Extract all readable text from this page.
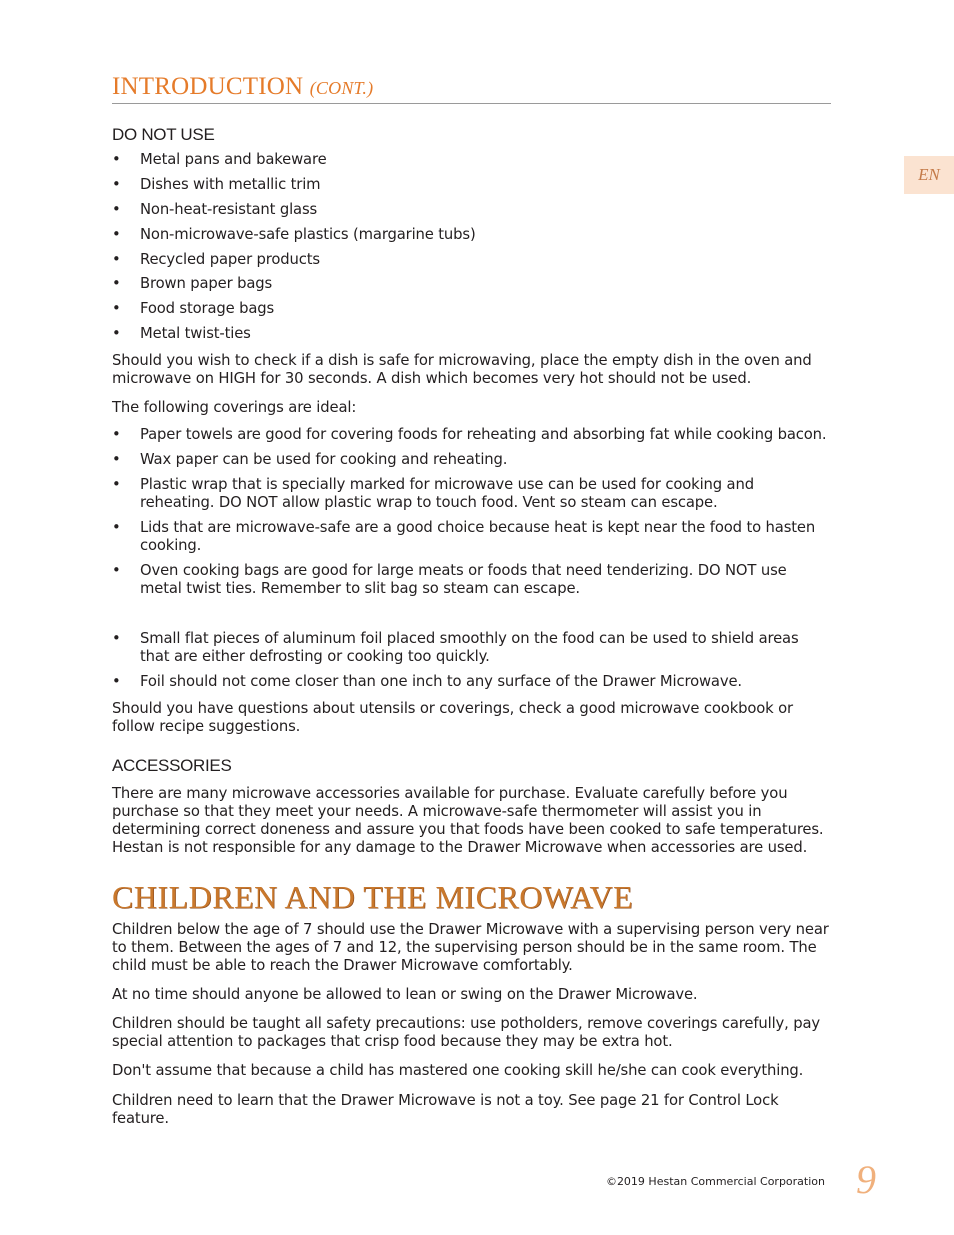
EN
INTRODUCTION (CONT.)
DO NOT USE
• Metal pans and bakeware
• Dishes with metallic trim
• Non-heat-resistant glass
• Non-microwave-safe plastics (margarine tubs)
• Recycled paper products
• Brown paper bags
• Food storage bags
• Metal twist-ties

Should you wish to check if a dish is safe for microwaving, place the empty dish in the oven and microwave on HIGH for 30 seconds. A dish which becomes very hot should not be used.

The following coverings are ideal:

• Paper towels are good for covering foods for reheating and absorbing fat while cooking bacon.
• Wax paper can be used for cooking and reheating.
• Plastic wrap that is specially marked for microwave use can be used for cooking and reheating. DO NOT allow plastic wrap to touch food. Vent so steam can escape.
• Lids that are microwave-safe are a good choice because heat is kept near the food to hasten cooking.
• Oven cooking bags are good for large meats or foods that need tenderizing. DO NOT use metal twist ties. Remember to slit bag so steam can escape.
• Small flat pieces of aluminum foil placed smoothly on the food can be used to shield areas that are either defrosting or cooking too quickly.
• Foil should not come closer than one inch to any surface of the Drawer Microwave.

Should you have questions about utensils or coverings, check a good microwave cookbook or follow recipe suggestions.

ACCESSORIES

There are many microwave accessories available for purchase. Evaluate carefully before you purchase so that they meet your needs. A microwave-safe thermometer will assist you in determining correct doneness and assure you that foods have been cooked to safe temperatures. Hestan is not responsible for any damage to the Drawer Microwave when accessories are used.

CHILDREN AND THE MICROWAVE

Children below the age of 7 should use the Drawer Microwave with a supervising person very near to them. Between the ages of 7 and 12, the supervising person should be in the same room. The child must be able to reach the Drawer Microwave comfortably.

At no time should anyone be allowed to lean or swing on the Drawer Microwave.

Children should be taught all safety precautions: use potholders, remove coverings carefully, pay special attention to packages that crisp food because they may be extra hot.

Don't assume that because a child has mastered one cooking skill he/she can cook everything.

Children need to learn that the Drawer Microwave is not a toy. See page 21 for Control Lock feature.

©2019 Hestan Commercial Corporation 9
